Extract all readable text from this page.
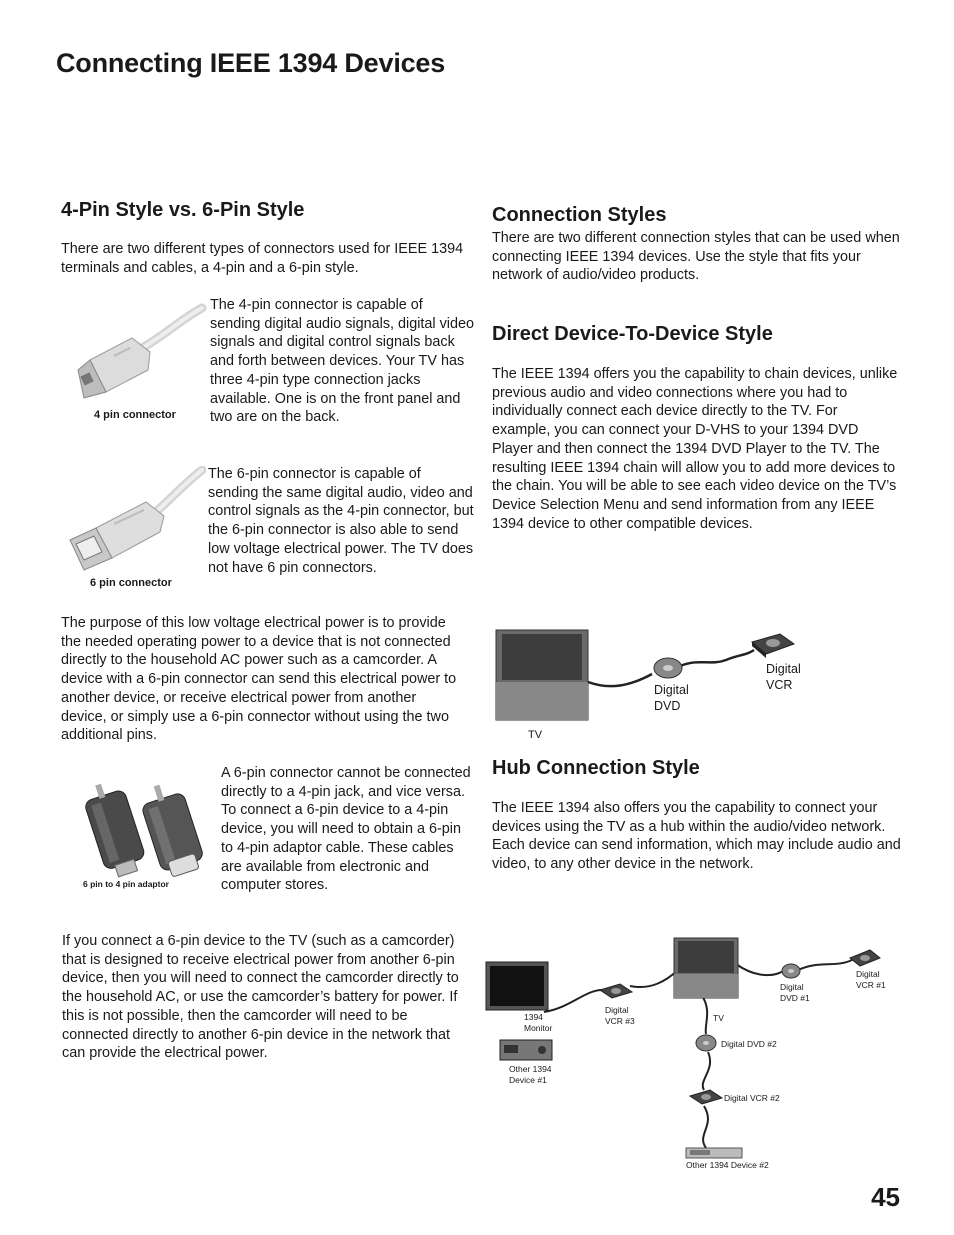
Connecting IEEE 1394 Devices
4-Pin Style vs. 6-Pin Style

There are two different types of connectors used for IEEE 1394 terminals and cables, a 4-pin and a 6-pin style.

4 pin connector

The 4-pin connector is capable of sending digital audio signals, digital video signals and digital control signals back and forth between devices. Your TV has three 4-pin type connection jacks available. One is on the front panel and two are on the back.

6 pin connector

The 6-pin connector is capable of sending the same digital audio, video and control signals as the 4-pin connector, but the 6-pin connector is also able to send low voltage electrical power. The TV does not have 6 pin connectors.

The purpose of this low voltage electrical power is to provide the needed operating power to a device that is not connected directly to the household AC power such as a camcorder. A device with a 6-pin connector can send this electrical power to another device, or receive electrical power from another device, or simply use a 6-pin connector without using the two additional pins.

6 pin to 4 pin adaptor

A 6-pin connector cannot be connected directly to a 4-pin jack, and vice versa. To connect a 6-pin device to a 4-pin device, you will need to obtain a 6-pin to 4-pin adaptor cable. These cables are available from electronic and computer stores.

If you connect a 6-pin device to the TV (such as a camcorder) that is designed to receive electrical power from another 6-pin device, then you will need to connect the camcorder directly to the household AC, or use the camcorder’s battery for power. If this is not possible, then the camcorder will need to be connected directly to another 6-pin device in the network that can provide the electrical power.

Connection Styles

There are two different connection styles that can be used when connecting IEEE 1394 devices. Use the style that fits your network of audio/video products.

Direct Device-To-Device Style

The IEEE 1394 offers you the capability to chain devices, unlike previous audio and video connections where you had to individually connect each device directly to the TV. For example, you can connect your D-VHS to your 1394 DVD Player and then connect the 1394 DVD Player to the TV. The resulting IEEE 1394 chain will allow you to add more devices to the chain. You will be able to see each video device on the TV’s Device Selection Menu and send information from any IEEE 1394 device to other compatible devices.

TV
Digital DVD
Digital VCR
Hub Connection Style

The IEEE 1394 also offers you the capability to connect your devices using the TV as a hub within the audio/video network. Each device can send information, which may include audio and video, to any other device in the network.

1394 Monitor
Other 1394 Device #1
Digital VCR #3	TV
Digital DVD #1
Digital VCR #1
Digital DVD #2
Digital VCR #2
Other 1394 Device #2
45
